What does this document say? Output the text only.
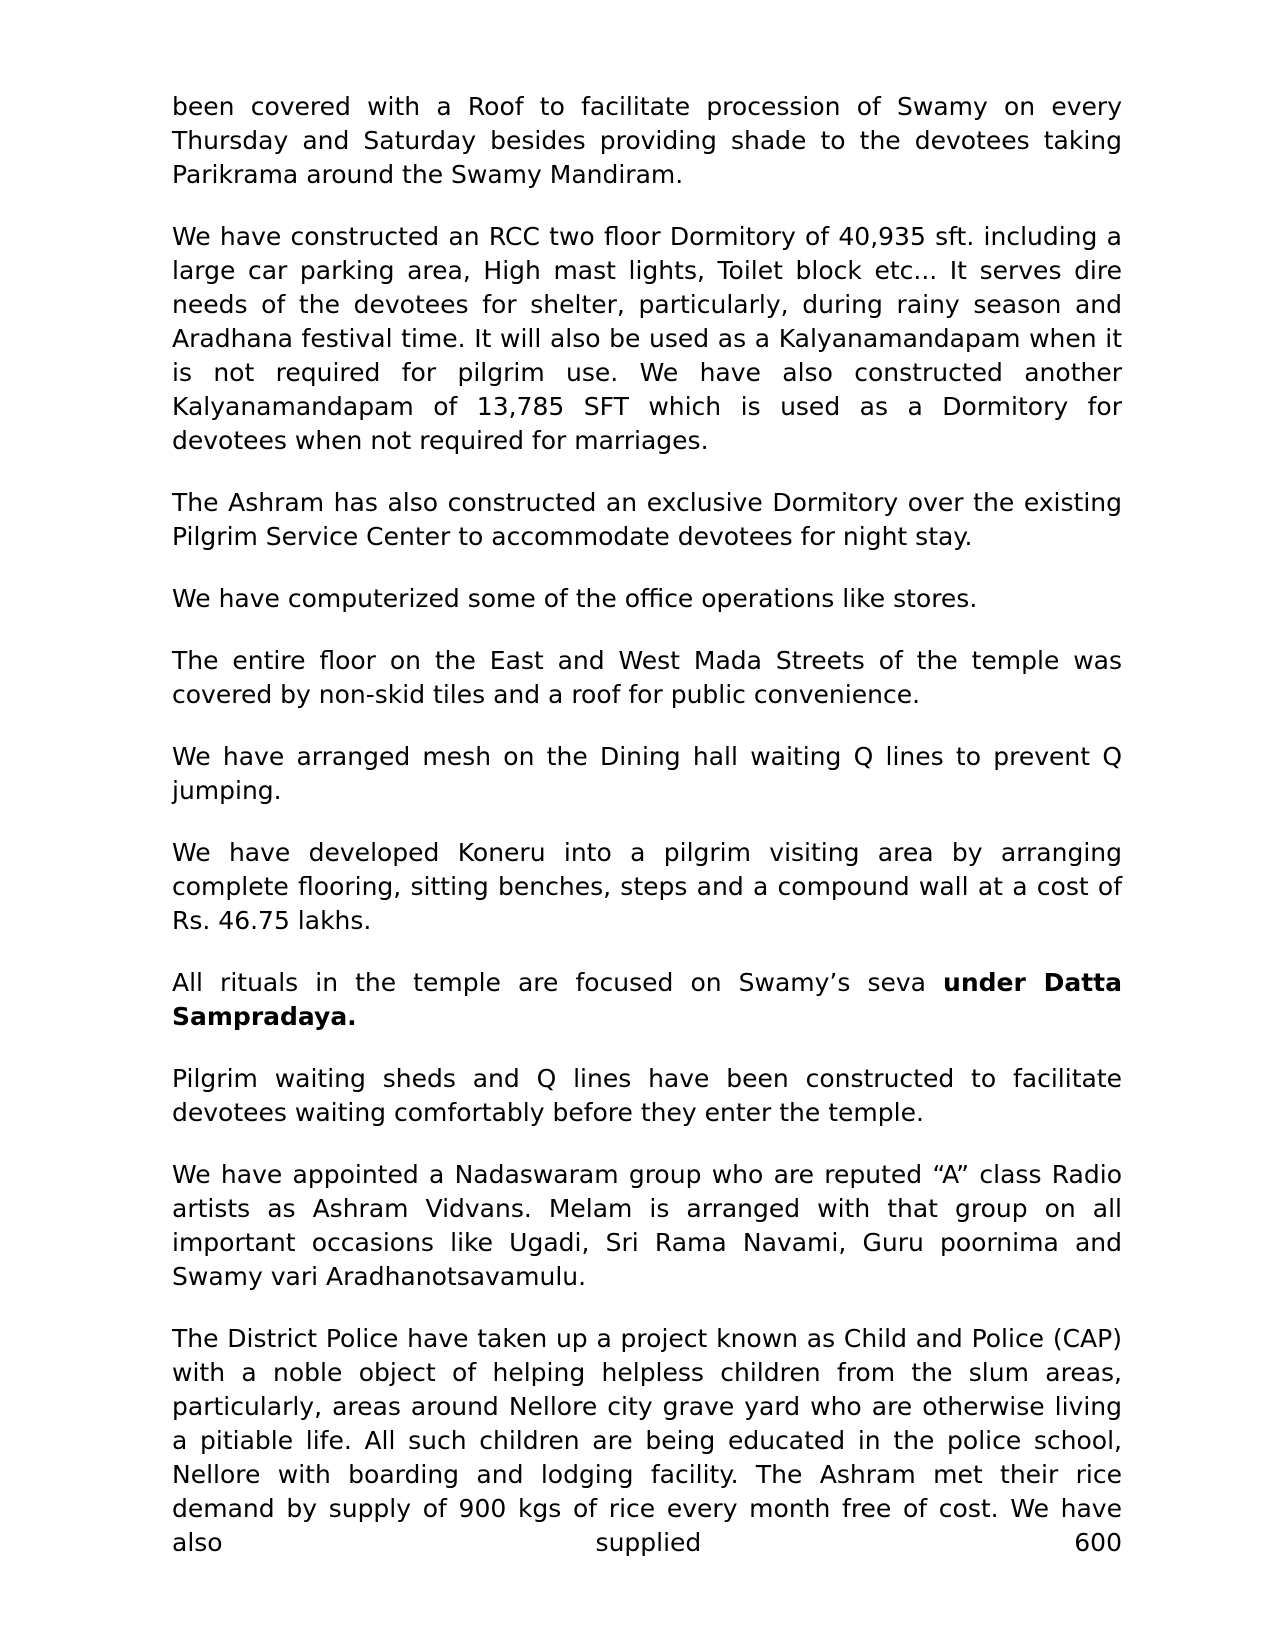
been covered with a Roof to facilitate procession of Swamy on every Thursday and Saturday besides providing shade to the devotees taking Parikrama around the Swamy Mandiram.

We have constructed an RCC two floor Dormitory of 40,935 sft. including a large car parking area, High mast lights, Toilet block etc... It serves dire needs of the devotees for shelter, particularly, during rainy season and Aradhana festival time. It will also be used as a Kalyanamandapam when it is not required for pilgrim use. We have also constructed another Kalyanamandapam of 13,785 SFT which is used as a Dormitory for devotees when not required for marriages.

The Ashram has also constructed an exclusive Dormitory over the existing Pilgrim Service Center to accommodate devotees for night stay.

We have computerized some of the office operations like stores.

The entire floor on the East and West Mada Streets of the temple was covered by non-skid tiles and a roof for public convenience.

We have arranged mesh on the Dining hall waiting Q lines to prevent Q jumping.

We have developed Koneru into a pilgrim visiting area by arranging complete flooring, sitting benches, steps and a compound wall at a cost of Rs. 46.75 lakhs.

All rituals in the temple are focused on Swamy’s seva under Datta Sampradaya.

Pilgrim waiting sheds and Q lines have been constructed to facilitate devotees waiting comfortably before they enter the temple.

We have appointed a Nadaswaram group who are reputed “A” class Radio artists as Ashram Vidvans. Melam is arranged with that group on all important occasions like Ugadi, Sri Rama Navami, Guru poornima and Swamy vari Aradhanotsavamulu.

The District Police have taken up a project known as Child and Police (CAP) with a noble object of helping helpless children from the slum areas, particularly, areas around Nellore city grave yard who are otherwise living a pitiable life. All such children are being educated in the police school, Nellore with boarding and lodging facility. The Ashram met their rice demand by supply of 900 kgs of rice every month free of cost. We have also supplied 600
